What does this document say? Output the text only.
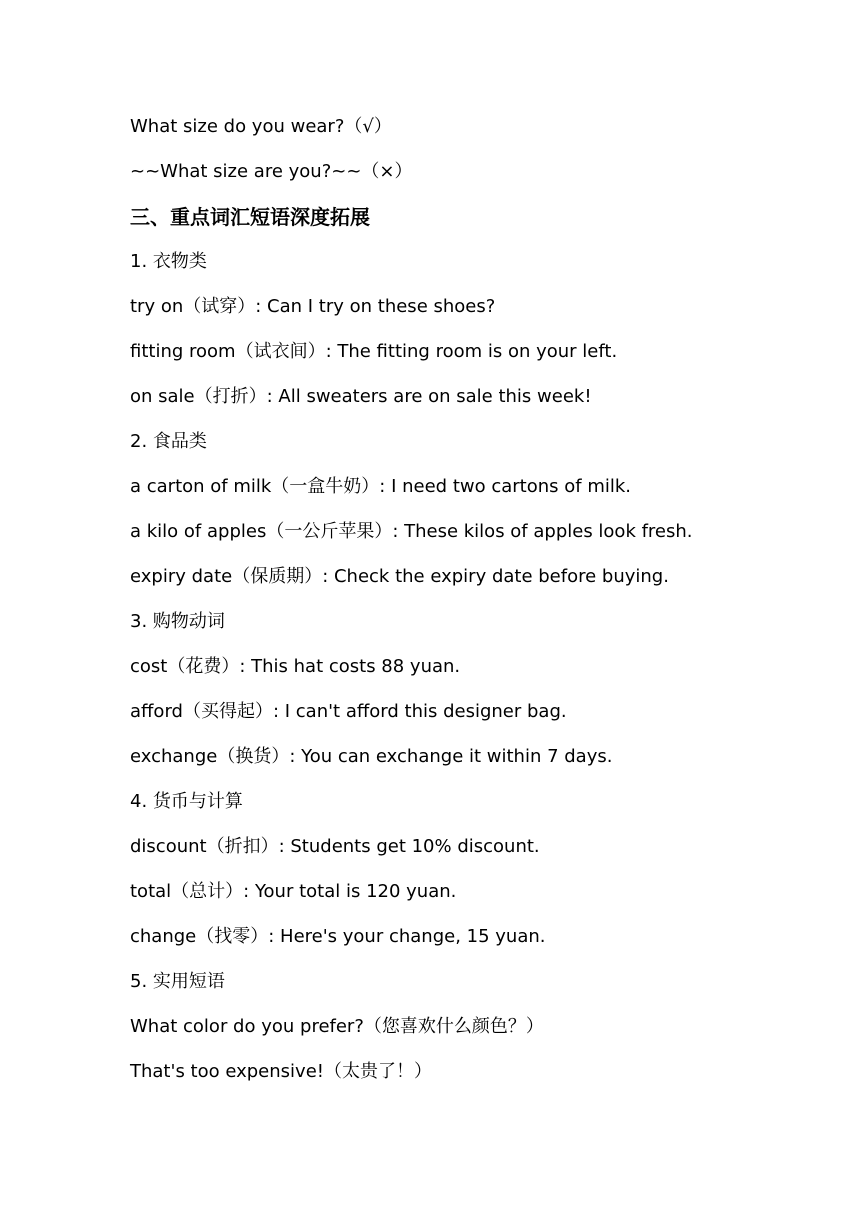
What size do you wear?（√）
~~What size are you?~~（×）
三、重点词汇短语深度拓展
1. 衣物类
try on（试穿）: Can I try on these shoes?
fitting room（试衣间）: The fitting room is on your left.
on sale（打折）: All sweaters are on sale this week!
2. 食品类
a carton of milk（一盒牛奶）: I need two cartons of milk.
a kilo of apples（一公斤苹果）: These kilos of apples look fresh.
expiry date（保质期）: Check the expiry date before buying.
3. 购物动词
cost（花费）: This hat costs 88 yuan.
afford（买得起）: I can't afford this designer bag.
exchange（换货）: You can exchange it within 7 days.
4. 货币与计算
discount（折扣）: Students get 10% discount.
total（总计）: Your total is 120 yuan.
change（找零）: Here's your change, 15 yuan.
5. 实用短语
What color do you prefer?（您喜欢什么颜色？）
That's too expensive!（太贵了！）
